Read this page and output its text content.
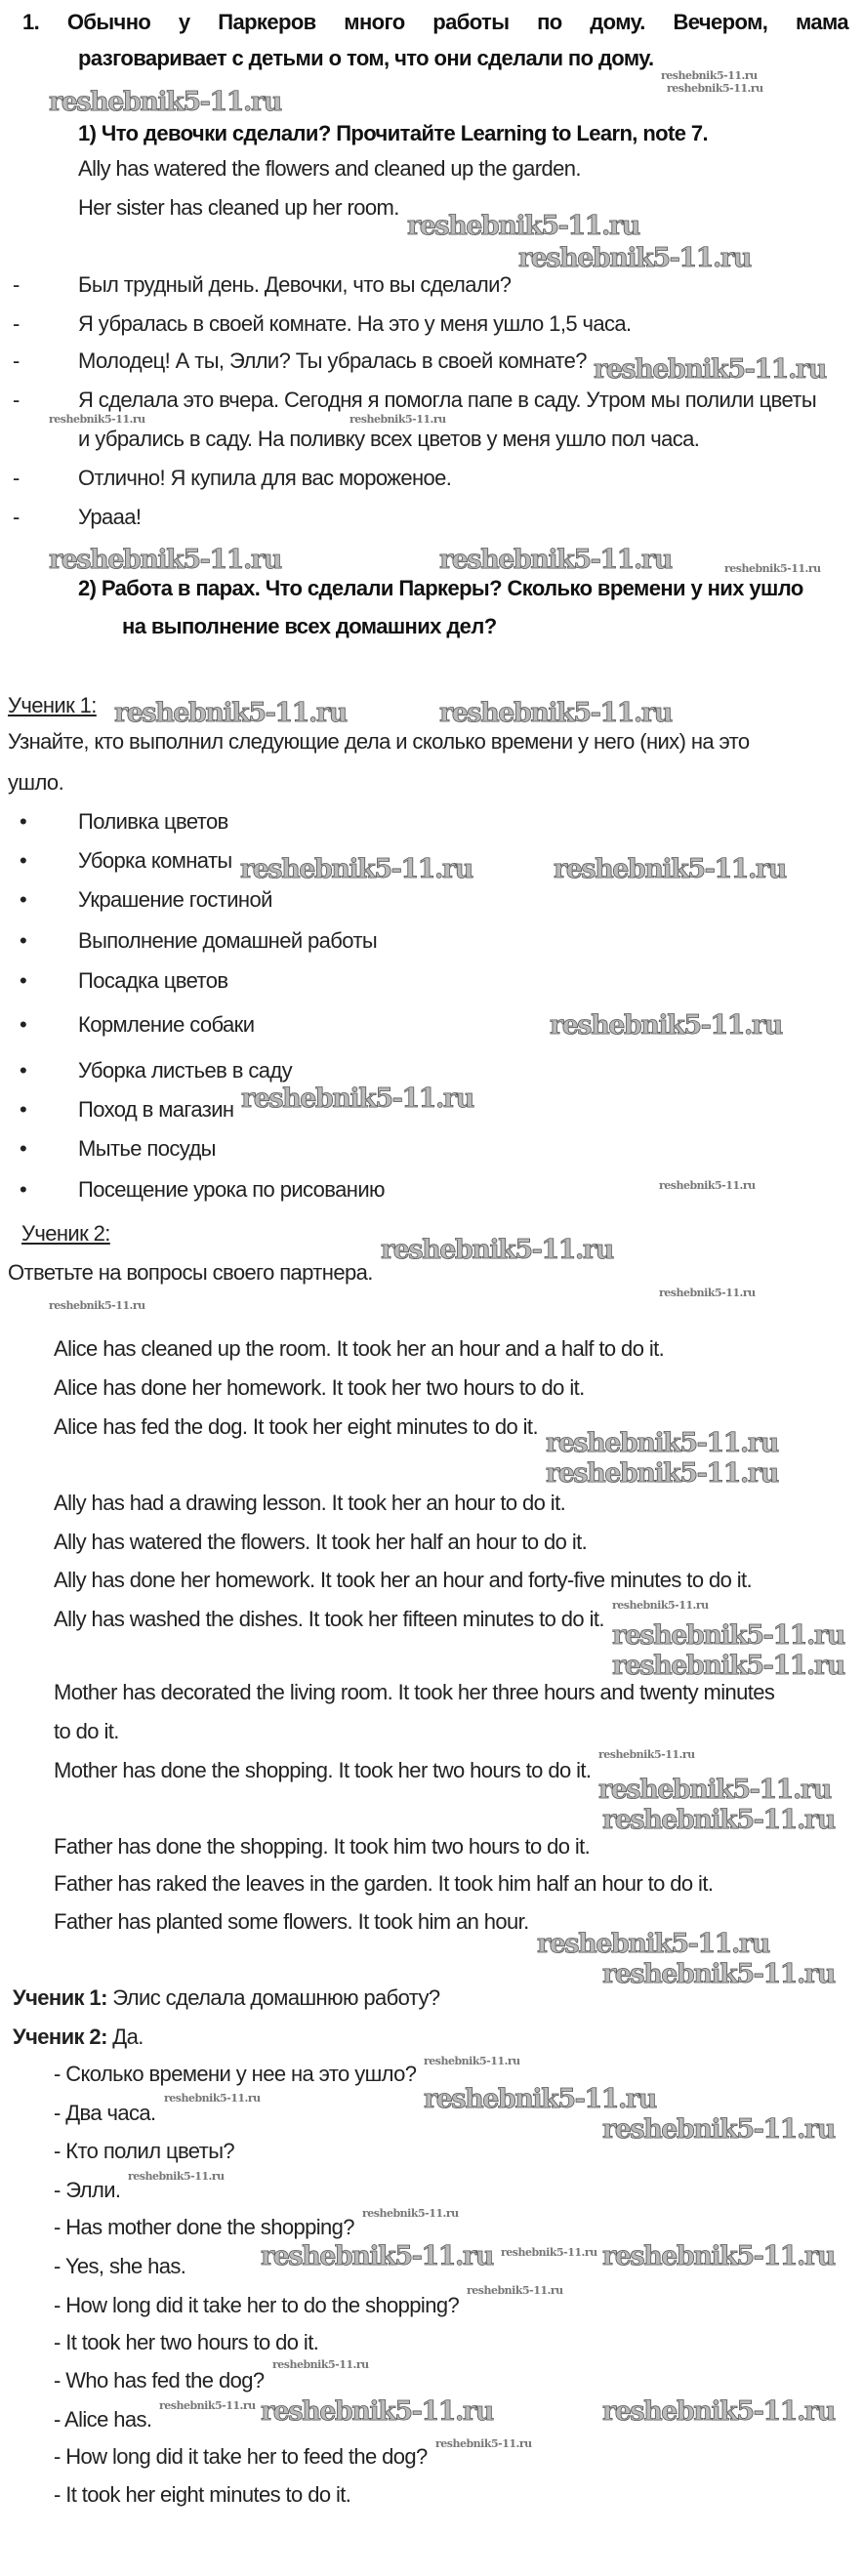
1. Обычно у Паркеров много работы по дому. Вечером, мама
разговаривает с детьми о том, что они сделали по дому.
1) Что девочки сделали? Прочитайте Learning to Learn, note 7.
Ally has watered the flowers and cleaned up the garden.
Her sister has cleaned up her room.
Был трудный день. Девочки, что вы сделали?
Я убралась в своей комнате. На это у меня ушло 1,5 часа.
Молодец! А ты, Элли? Ты убралась в своей комнате?
Я сделала это вчера. Сегодня я помогла папе в саду. Утром мы полили цветы
и убрались в саду. На поливку всех цветов у меня ушло пол часа.
Отлично! Я купила для вас мороженое.
Урааа!
2) Работа в парах. Что сделали Паркеры? Сколько времени у них ушло
на выполнение всех домашних дел?
Ученик 1:
Узнайте, кто выполнил следующие дела и сколько времени у него (них) на это
ушло.
Ученик 2:
Ответьте на вопросы своего партнера.
- Сколько времени у нее на это ушло?
- Два часа.
- Кто полил цветы?
- Элли.
- Has mother done the shopping?
- Yes, she has.
- How long did it take her to do the shopping?
- It took her two hours to do it.
- Who has fed the dog?
- Alice has.
- How long did it take her to feed the dog?
- It took her eight minutes to do it.
-
-
-
-
-
-
• Поливка цветов
• Уборка комнаты
• Украшение гостиной
• Выполнение домашней работы
• Посадка цветов
• Кормление собаки
• Уборка листьев в саду
• Поход в магазин
• Мытье посуды
• Посещение урока по рисованию
Alice has cleaned up the room. It took her an hour and a half to do it.
Alice has done her homework. It took her two hours to do it.
Alice has fed the dog. It took her eight minutes to do it.
Ally has had a drawing lesson. It took her an hour to do it.
Ally has watered the flowers. It took her half an hour to do it.
Ally has done her homework. It took her an hour and forty-five minutes to do it.
Ally has washed the dishes. It took her fifteen minutes to do it.
Mother has decorated the living room. It took her three hours and twenty minutes
to do it.
Mother has done the shopping. It took her two hours to do it.
Father has done the shopping. It took him two hours to do it.
Father has raked the leaves in the garden. It took him half an hour to do it.
Father has planted some flowers. It took him an hour.
Ученик 1: Элис сделала домашнюю работу?
Ученик 2: Да.
reshebnik5-11.ru
reshebnik5-11.ru
reshebnik5-11.ru
reshebnik5-11.ru
reshebnik5-11.ru	reshebnik5-11.ru
reshebnik5-11.ru	reshebnik5-11.ru
reshebnik5-11.ru	reshebnik5-11.ru
reshebnik5-11.ru
reshebnik5-11.ru
reshebnik5-11.ru
reshebnik5-11.ru
reshebnik5-11.ru
reshebnik5-11.ru
reshebnik5-11.ru
reshebnik5-11.ru
reshebnik5-11.ru
reshebnik5-11.ru
reshebnik5-11.ru
reshebnik5-11.ru
reshebnik5-11.ru
reshebnik5-11.ru	reshebnik5-11.ru
reshebnik5-11.ru	reshebnik5-11.ru
reshebnik5-11.ru
reshebnik5-11.ru
reshebnik5-11.ru	reshebnik5-11.ru
reshebnik5-11.ru
reshebnik5-11.ru
reshebnik5-11.ru
reshebnik5-11.ru
reshebnik5-11.ru
reshebnik5-11.ru
reshebnik5-11.ru
reshebnik5-11.ru
reshebnik5-11.ru
reshebnik5-11.ru
reshebnik5-11.ru
reshebnik5-11.ru
reshebnik5-11.ru
reshebnik5-11.ru
reshebnik5-11.ru
